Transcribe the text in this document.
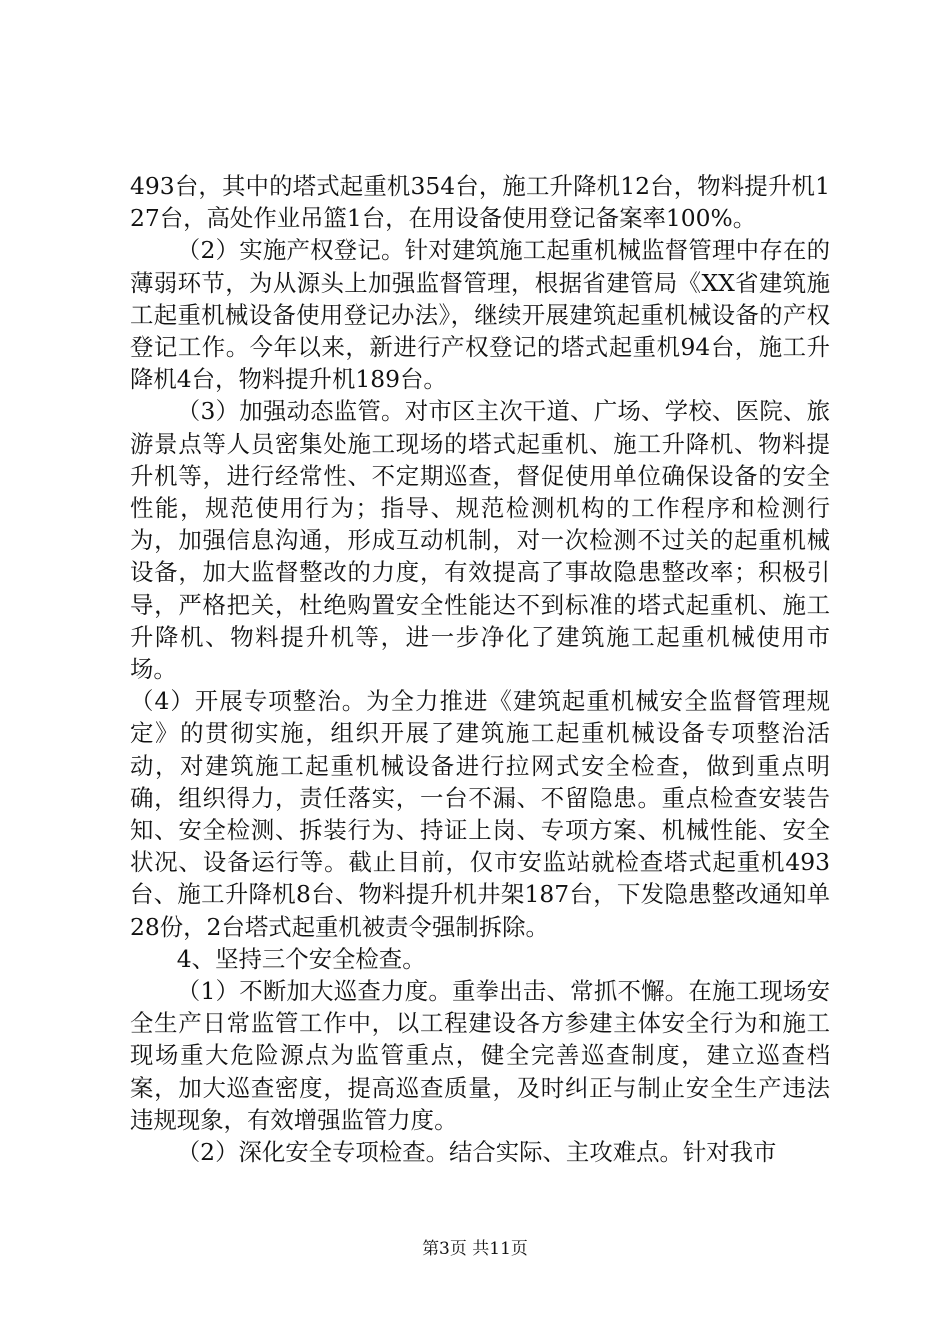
493台，其中的塔式起重机354台，施工升降机12台，物料提升机127台，高处作业吊篮1台，在用设备使用登记备案率100%。

（2）实施产权登记。针对建筑施工起重机械监督管理中存在的薄弱环节，为从源头上加强监督管理，根据省建管局《XX省建筑施工起重机械设备使用登记办法》，继续开展建筑起重机械设备的产权登记工作。今年以来，新进行产权登记的塔式起重机94台，施工升降机4台，物料提升机189台。

（3）加强动态监管。对市区主次干道、广场、学校、医院、旅游景点等人员密集处施工现场的塔式起重机、施工升降机、物料提升机等，进行经常性、不定期巡查，督促使用单位确保设备的安全性能，规范使用行为；指导、规范检测机构的工作程序和检测行为，加强信息沟通，形成互动机制，对一次检测不过关的起重机械设备，加大监督整改的力度，有效提高了事故隐患整改率；积极引导，严格把关，杜绝购置安全性能达不到标准的塔式起重机、施工升降机、物料提升机等，进一步净化了建筑施工起重机械使用市场。

（4）开展专项整治。为全力推进《建筑起重机械安全监督管理规定》的贯彻实施，组织开展了建筑施工起重机械设备专项整治活动，对建筑施工起重机械设备进行拉网式安全检查，做到重点明确，组织得力，责任落实，一台不漏、不留隐患。重点检查安装告知、安全检测、拆装行为、持证上岗、专项方案、机械性能、安全状况、设备运行等。截止目前，仅市安监站就检查塔式起重机493台、施工升降机8台、物料提升机井架187台，下发隐患整改通知单28份，2台塔式起重机被责令强制拆除。

4、坚持三个安全检查。

（1）不断加大巡查力度。重拳出击、常抓不懈。在施工现场安全生产日常监管工作中，以工程建设各方参建主体安全行为和施工现场重大危险源点为监管重点，健全完善巡查制度，建立巡查档案，加大巡查密度，提高巡查质量，及时纠正与制止安全生产违法违规现象，有效增强监管力度。

（2）深化安全专项检查。结合实际、主攻难点。针对我市

第3页 共11页
